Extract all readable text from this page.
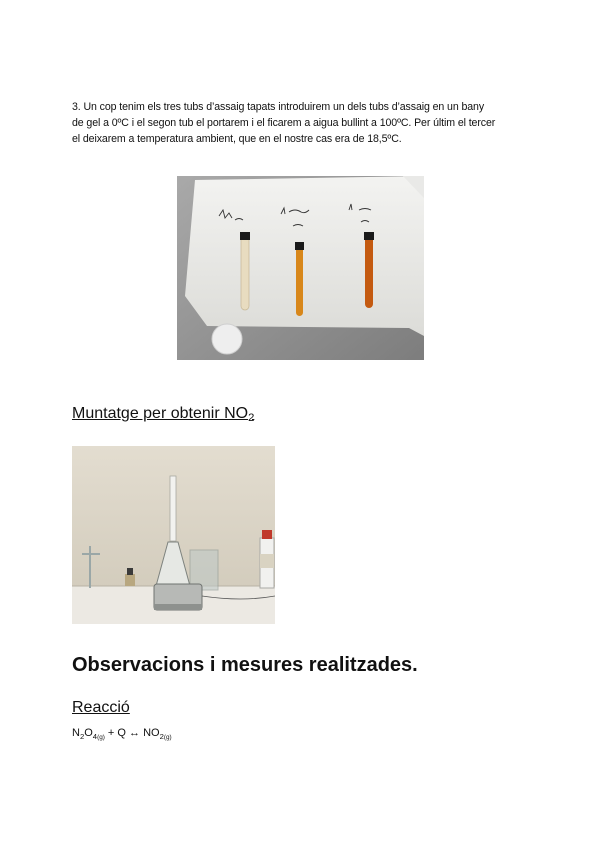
3. Un cop tenim els tres tubs d’assaig tapats introduirem un dels tubs d’assaig en un bany
de gel a 0ºC i el segon tub el portarem i el ficarem a aigua bullint a 100ºC. Per últim el tercer
el deixarem a temperatura ambient, que en el nostre cas era de 18,5ºC.
Muntatge per obtenir $NO_2$
Observacions i mesures realitzades.
Reacció
$N_2O_{4(g)} + Q$ ↔ $NO_{2(g)}$
